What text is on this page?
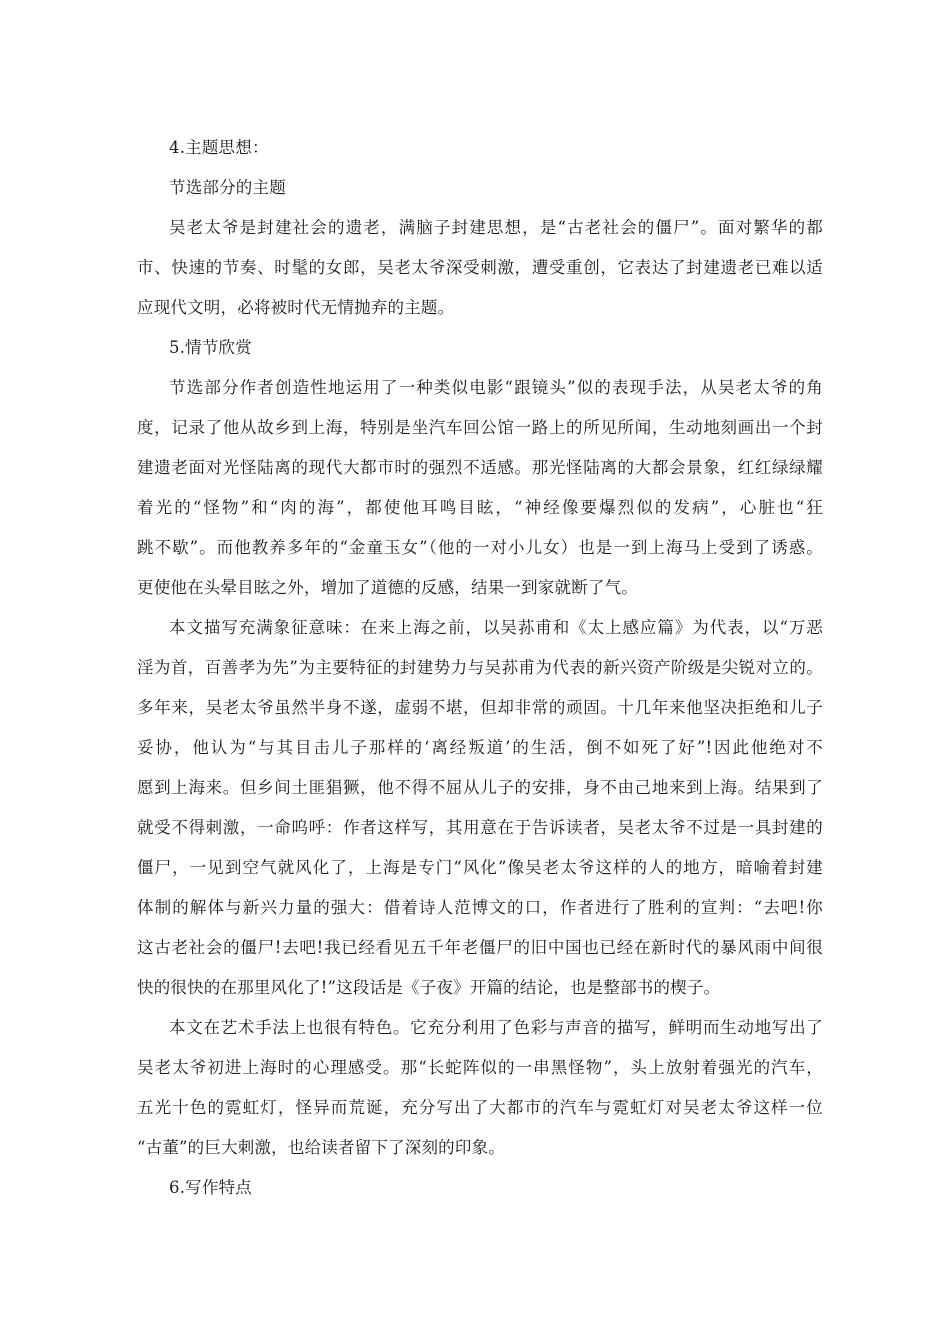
4.主题思想：
节选部分的主题
吴老太爷是封建社会的遗老，满脑子封建思想，是“古老社会的僵尸”。面对繁华的都
市、快速的节奏、时髦的女郎，吴老太爷深受刺激，遭受重创，它表达了封建遗老已难以适
应现代文明，必将被时代无情抛弃的主题。
5.情节欣赏
节选部分作者创造性地运用了一种类似电影“跟镜头”似的表现手法，从吴老太爷的角
度，记录了他从故乡到上海，特别是坐汽车回公馆一路上的所见所闻，生动地刻画出一个封
建遗老面对光怪陆离的现代大都市时的强烈不适感。那光怪陆离的大都会景象，红红绿绿耀
着光的“怪物”和“肉的海”，都使他耳鸣目眩，“神经像要爆烈似的发病”，心脏也“狂
跳不歇”。而他教养多年的“金童玉女”（他的一对小儿女）也是一到上海马上受到了诱惑。
更使他在头晕目眩之外，增加了道德的反感，结果一到家就断了气。
本文描写充满象征意味：在来上海之前，以吴荪甫和《太上感应篇》为代表，以“万恶
淫为首，百善孝为先”为主要特征的封建势力与吴荪甫为代表的新兴资产阶级是尖锐对立的。
多年来，吴老太爷虽然半身不遂，虚弱不堪，但却非常的顽固。十几年来他坚决拒绝和儿子
妥协，他认为“与其目击儿子那样的‘离经叛道’的生活，倒不如死了好”!因此他绝对不
愿到上海来。但乡间土匪猖獗，他不得不屈从儿子的安排，身不由己地来到上海。结果到了
就受不得刺激，一命呜呼：作者这样写，其用意在于告诉读者，吴老太爷不过是一具封建的
僵尸，一见到空气就风化了，上海是专门“风化”像吴老太爷这样的人的地方，暗喻着封建
体制的解体与新兴力量的强大：借着诗人范博文的口，作者进行了胜利的宣判：“去吧!你
这古老社会的僵尸!去吧!我已经看见五千年老僵尸的旧中国也已经在新时代的暴风雨中间很
快的很快的在那里风化了!”这段话是《子夜》开篇的结论，也是整部书的楔子。
本文在艺术手法上也很有特色。它充分利用了色彩与声音的描写，鲜明而生动地写出了
吴老太爷初进上海时的心理感受。那“长蛇阵似的一串黑怪物”，头上放射着强光的汽车，
五光十色的霓虹灯，怪异而荒诞，充分写出了大都市的汽车与霓虹灯对吴老太爷这样一位
“古董”的巨大刺激，也给读者留下了深刻的印象。
6.写作特点
